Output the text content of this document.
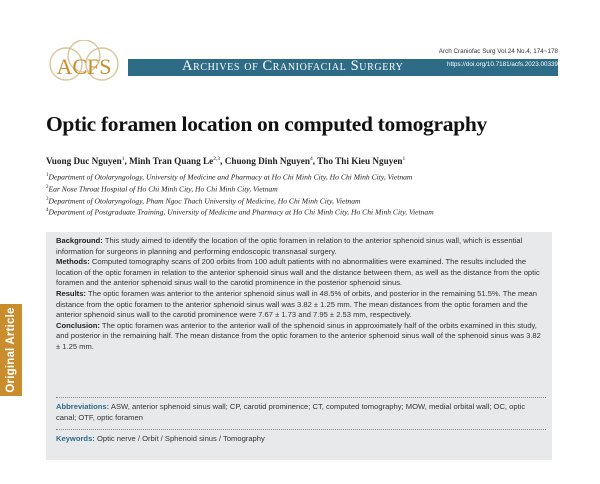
ACFS	Archives of Craniofacial Surgery
Arch Craniofac Surg Vol.24 No.4, 174~178
https://doi.org/10.7181/acfs.2023.00339
Optic foramen location on computed tomography
Vuong Duc Nguyen$^1$, Minh Tran Quang Le$^{2,3}$, Chuong Dinh Nguyen$^4$, Tho Thi Kieu Nguyen$^1$
$^1$Department of Otolaryngology, University of Medicine and Pharmacy at Ho Chi Minh City, Ho Chi Minh City, Vietnam
$^2$Ear Nose Throat Hospital of Ho Chi Minh City, Ho Chi Minh City, Vietnam
$^3$Department of Otolaryngology, Pham Ngoc Thach University of Medicine, Ho Chi Minh City, Vietnam
$^4$Department of Postgraduate Training, University of Medicine and Pharmacy at Ho Chi Minh City, Ho Chi Minh City, Vietnam
Original Article

Background: This study aimed to identify the location of the optic foramen in relation to the anterior sphenoid sinus wall, which is essential information for surgeons in planning and performing endoscopic transnasal surgery.

Methods: Computed tomography scans of 200 orbits from 100 adult patients with no abnormalities were examined. The results included the location of the optic foramen in relation to the anterior sphenoid sinus wall and the distance between them, as well as the distance from the optic foramen and the anterior sphenoid sinus wall to the carotid prominence in the posterior sphenoid sinus.

Results: The optic foramen was anterior to the anterior sphenoid sinus wall in 48.5% of orbits, and posterior in the remaining 51.5%. The mean distance from the optic foramen to the anterior sphenoid sinus wall was 3.82 ± 1.25 mm. The mean distances from the optic foramen and the anterior sphenoid sinus wall to the carotid prominence were 7.67 ± 1.73 and 7.95 ± 2.53 mm, respectively.

Conclusion: The optic foramen was anterior to the anterior wall of the sphenoid sinus in approximately half of the orbits examined in this study, and posterior in the remaining half. The mean distance from the optic foramen to the anterior sphenoid sinus wall of the sphenoid sinus was 3.82 ± 1.25 mm.

Abbreviations: ASW, anterior sphenoid sinus wall; CP, carotid prominence; CT, computed tomography; MOW, medial orbital wall; OC, optic canal; OTF, optic foramen
Keywords: Optic nerve / Orbit / Sphenoid sinus / Tomography
